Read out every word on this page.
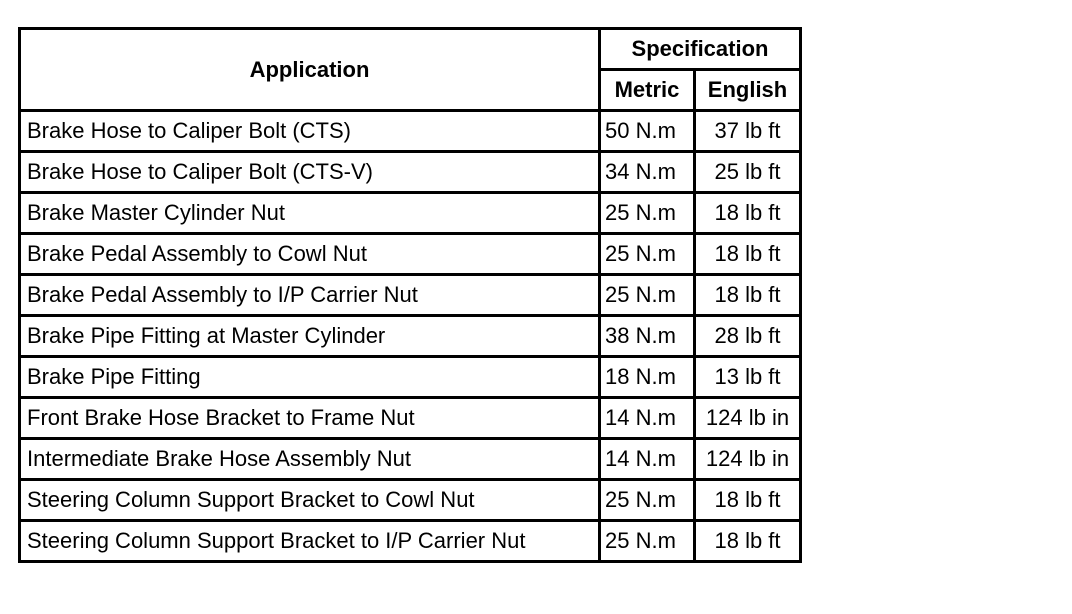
Application	Specification	
	Metric	English
Brake Hose to Caliper Bolt (CTS)	50 N.m	37 lb ft
Brake Hose to Caliper Bolt (CTS-V)	34 N.m	25 lb ft
Brake Master Cylinder Nut	25 N.m	18 lb ft
Brake Pedal Assembly to Cowl Nut	25 N.m	18 lb ft
Brake Pedal Assembly to I/P Carrier Nut	25 N.m	18 lb ft
Brake Pipe Fitting at Master Cylinder	38 N.m	28 lb ft
Brake Pipe Fitting	18 N.m	13 lb ft
Front Brake Hose Bracket to Frame Nut	14 N.m	124 lb in
Intermediate Brake Hose Assembly Nut	14 N.m	124 lb in
Steering Column Support Bracket to Cowl Nut	25 N.m	18 lb ft
Steering Column Support Bracket to I/P Carrier Nut	25 N.m	18 lb ft
